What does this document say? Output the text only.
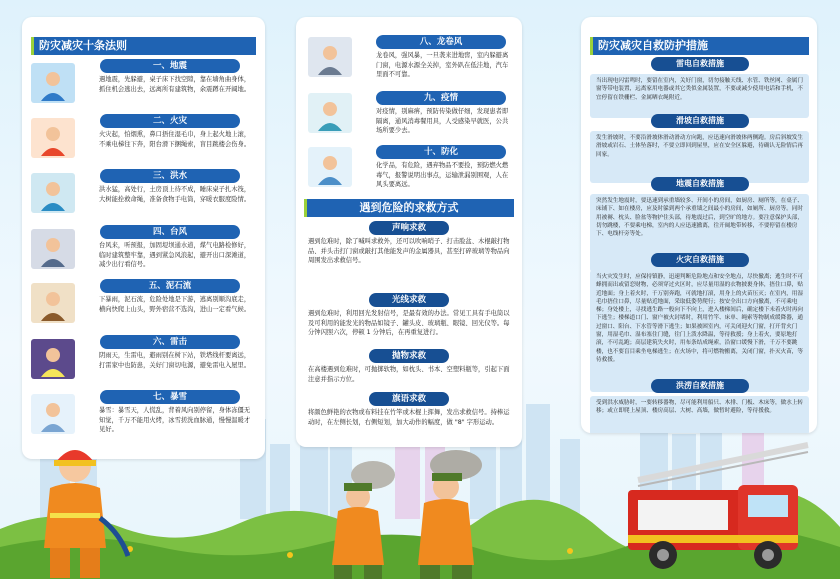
防灾减灾十条法则
一、地震
遇地震，先躲避，桌子床下找空隙，靠在墙角曲身体，抓住机会逃出去，远离所有建筑物，余震蹲在开阔地。
二、火灾
火灾起，怕烟熏，鼻口捂住湿毛巾，身上起火地上滚，不乘电梯往下奔，阳台滑下捆绳索，盲目跳楼会伤身。
三、洪水
洪水猛，高处行，土房顶上待不成，睡床桌子扎木筏，大树能拴救命绳，准备食物手电筒，穿暖衣服度险情。
四、台风
台风来，听预报，加固堤坝通水道，煤气电路检修好，临时建筑整牢靠，遇到紧急风浪起，避开出口深滩道，减少出行看信号。
五、泥石流
下暴雨，泥石流，危险处地是下游，逃离别顺沟底走，横向快爬上山头，野外宿营不选沟，进山一定看气候。
六、雷击
阴雨天，生雷电，避雨别在树下站，铁塔线杆要离远，打雷家中也防患，关好门窗切电源，避免雷电入屋里。
七、暴雪
暴雪：暴雪天，人慌乱，背着风向别停留，身体冻僵无知觉，千万不能用火烤，冰雪搓洗血脉通，慢慢温暖才见好。
八、龙卷风
龙卷风，强风暴，一旦袭来进地窖，室内躲避离门窗，电源水源全关掉，室外趴在低洼地，汽车里面不可靠。
九、疫情
对疫情，别麻痹，预防传染做仔细，发现患者即隔离，通风消毒餐用具，人受感染早就医，公共场所要少去。
十、防化
化学品，有危险，遇弃物品不要捡，预防燃火燃毒气，报警说明出事点，运输泄漏别围观，人在风头要离远。
遇到危险的求救方式
声响求救
遇到危难时，除了喊叫求救外，还可以吹响哨子、打击脸盆、木棍敲打物品、并头击打门窗或敲打其他能发声的金属器具，甚至打碎玻璃等物品向周围发出求救信号。
光线求救
遇到危难时，利用回光发射信号，是最有效的办法。常见工具有手电筒以及可利用的能发光的物品如镜子、罐头皮、玻璃瓶、眼镜、回光仪等。每分钟闪照六次，停顿 1 分钟后，在再重复进行。
抛物求救
在高楼遇到危难时，可抛掷软物，如枕头、书本、空塑料瓶等，引起下面注意并指示方位。
旗语求救
将颜色鲜艳的衣物或布料挂在竹竿或木棍上挥舞，发出求救信号。持棒运动时，在左侧长划，右侧短划，加大动作的幅度，做 "8" 字形运动。
防灾减灾自救防护措施
雷电自救措施
当出现电闪雷鸣时，要留在室内，关好门窗，切勿接触天线、水管、铁丝网、金属门窗等带电装置，远离家用电器或其它类似金属装置，不要或减少使用电话和手机，不宜停留在铁栅栏、金属晒衣绳附近。
滑坡自救措施
发生滑坡时，不要沿滑坡体滑动滑动方向跑，应迅速向滑坡体两侧跑。房后斜坡发生滑坡或岩石、土体坠落时，不要立即回到屋里，应在安全区躲避，待确认无险情后再回家。
地震自救措施
突然发生地震时，要迅速到承重墙较多、开间小的房间，如厨房、厕所等，在桌子、床铺下、如在楼房，应及时躲到两个承重墙之间最小的房间，如厕所、厨房等。同时用被褥、枕头、脸盆等物护住头部，待地震过后，到空旷的地方。要注意保护头部，切勿跳楼，不要乘电梯，室内的人应迅速撤离，往开阔地带转移，不要停留在楼房下、电线杆旁等处。
火灾自救措施
当火灾发生时，应保持镇静，迅速判断危险地点和安全地点，尽快撤离；逃生时不可蜂拥而出或留恋财物，必须穿过火区时，应尽量用湿的衣物披裹身体，捂住口鼻，贴近地面；身上着火时，千万别奔跑，可就地打滚，用身上的火苗压灭；在室内，用湿毛巾捂住口鼻，尽量贴近地面，采取低姿势爬行；按安全出口方向撤离，不可乘电梯；身处楼上，寻找逃生路一般向下不向上，进入楼梯间后，确定楼下未着火时再向下逃生；楼梯道口门、窗户被火封堵时，利用竹竿、床单、绳索等物制成缓降器，通过窗口、阳台、下水管等滑下逃生；如果被困室内，可关闭迎火门窗，打开背火门窗，用湿毛巾、湿布塞住门缝，往门上泼水降温，等待救援；身上着火，要原地打滚，不可乱跑；高层建筑失火时，用布条结成绳索，沿窗口缓慢下滑，千万不要跳楼，也不要盲目乘坐电梯逃生；在火场中，将可燃物搬离，关闭门窗，扑灭火苗，等待救援。
洪涝自救措施
受到洪水威胁时，一要转移器物，尽可能利用船只、木排、门板、木床等，做水上转移；或立即爬上屋顶、楼房高层、大树、高墙，做暂时避险，等待援救。
